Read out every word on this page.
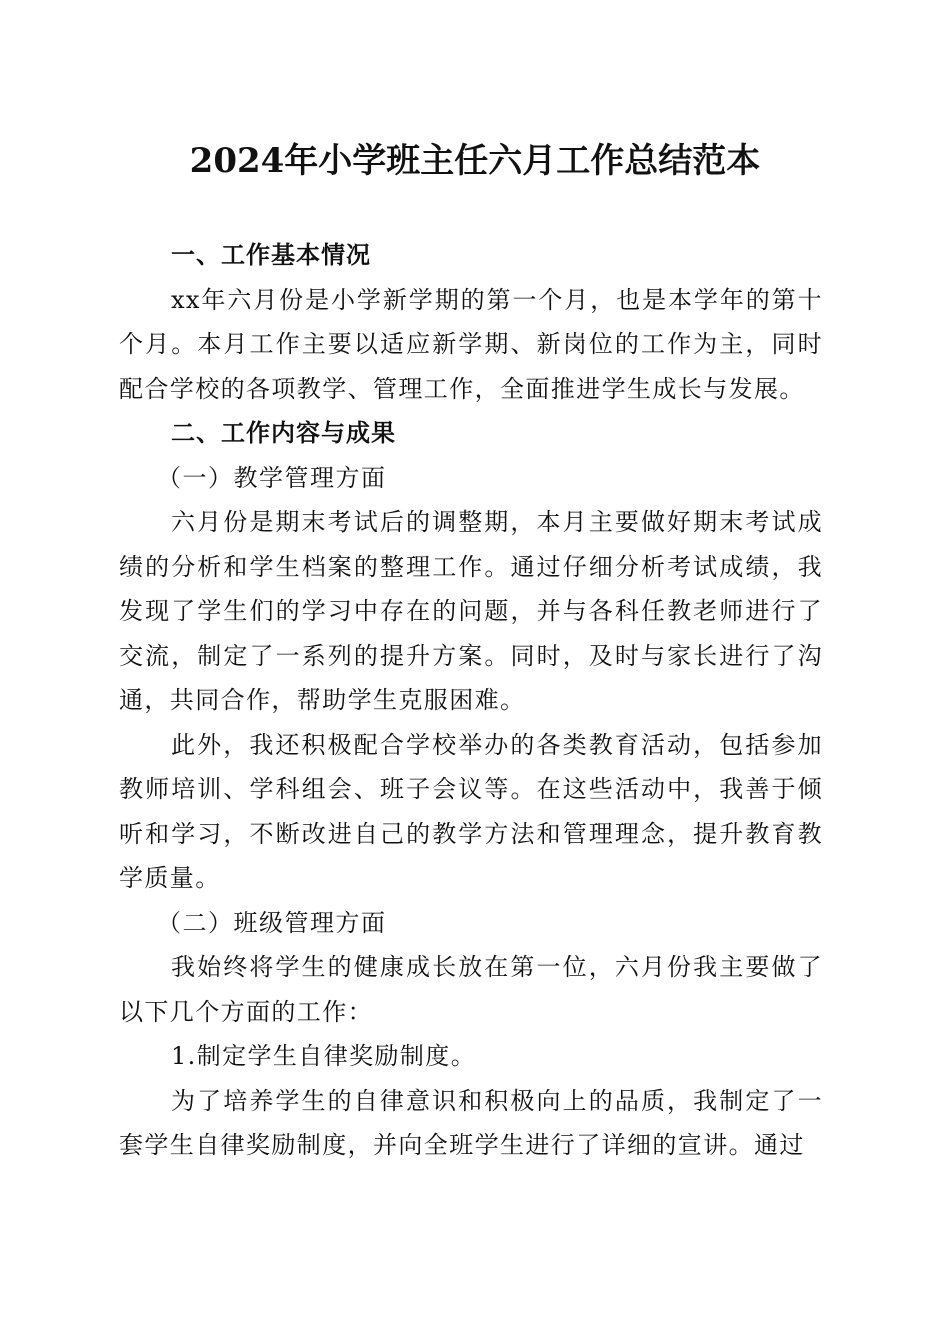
2024年小学班主任六月工作总结范本

一、工作基本情况

xx年六月份是小学新学期的第一个月，也是本学年的第十个月。本月工作主要以适应新学期、新岗位的工作为主，同时配合学校的各项教学、管理工作，全面推进学生成长与发展。

二、工作内容与成果

（一）教学管理方面

六月份是期末考试后的调整期，本月主要做好期末考试成绩的分析和学生档案的整理工作。通过仔细分析考试成绩，我发现了学生们的学习中存在的问题，并与各科任教老师进行了交流，制定了一系列的提升方案。同时，及时与家长进行了沟通，共同合作，帮助学生克服困难。

此外，我还积极配合学校举办的各类教育活动，包括参加教师培训、学科组会、班子会议等。在这些活动中，我善于倾听和学习，不断改进自己的教学方法和管理理念，提升教育教学质量。

（二）班级管理方面

我始终将学生的健康成长放在第一位，六月份我主要做了以下几个方面的工作：

1.制定学生自律奖励制度。

为了培养学生的自律意识和积极向上的品质，我制定了一套学生自律奖励制度，并向全班学生进行了详细的宣讲。通过
